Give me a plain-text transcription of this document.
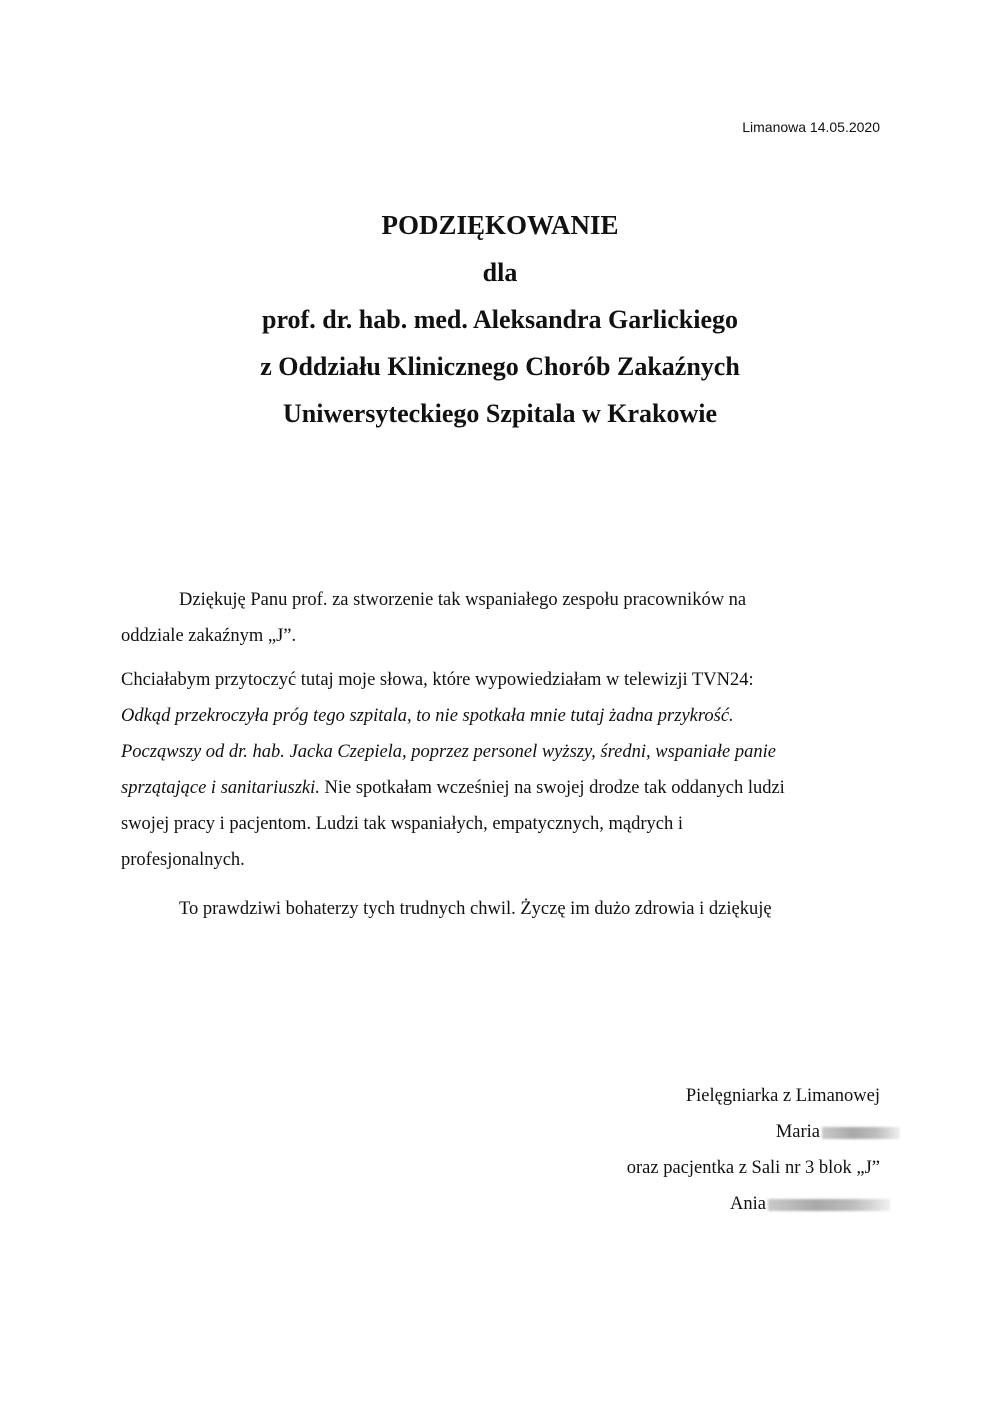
Limanowa 14.05.2020
PODZIĘKOWANIE
dla
prof. dr. hab. med. Aleksandra Garlickiego
z Oddziału Klinicznego Chorób Zakaźnych
Uniwersyteckiego Szpitala w Krakowie
Dziękuję Panu prof. za stworzenie tak wspaniałego zespołu pracowników na
oddziale zakaźnym „J”.
Chciałabym przytoczyć tutaj moje słowa, które wypowiedziałam w telewizji TVN24:
Odkąd przekroczyła próg tego szpitala, to nie spotkała mnie tutaj żadna przykrość.
Począwszy od dr. hab. Jacka Czepiela, poprzez personel wyższy, średni, wspaniałe panie
sprzątające i sanitariuszki. Nie spotkałam wcześniej na swojej drodze tak oddanych ludzi
swojej pracy i pacjentom. Ludzi tak wspaniałych, empatycznych, mądrych i
profesjonalnych.
To prawdziwi bohaterzy tych trudnych chwil. Życzę im dużo zdrowia i dziękuję
Pielęgniarka z Limanowej
Maria
oraz pacjentka z Sali nr 3 blok „J”
Ania
